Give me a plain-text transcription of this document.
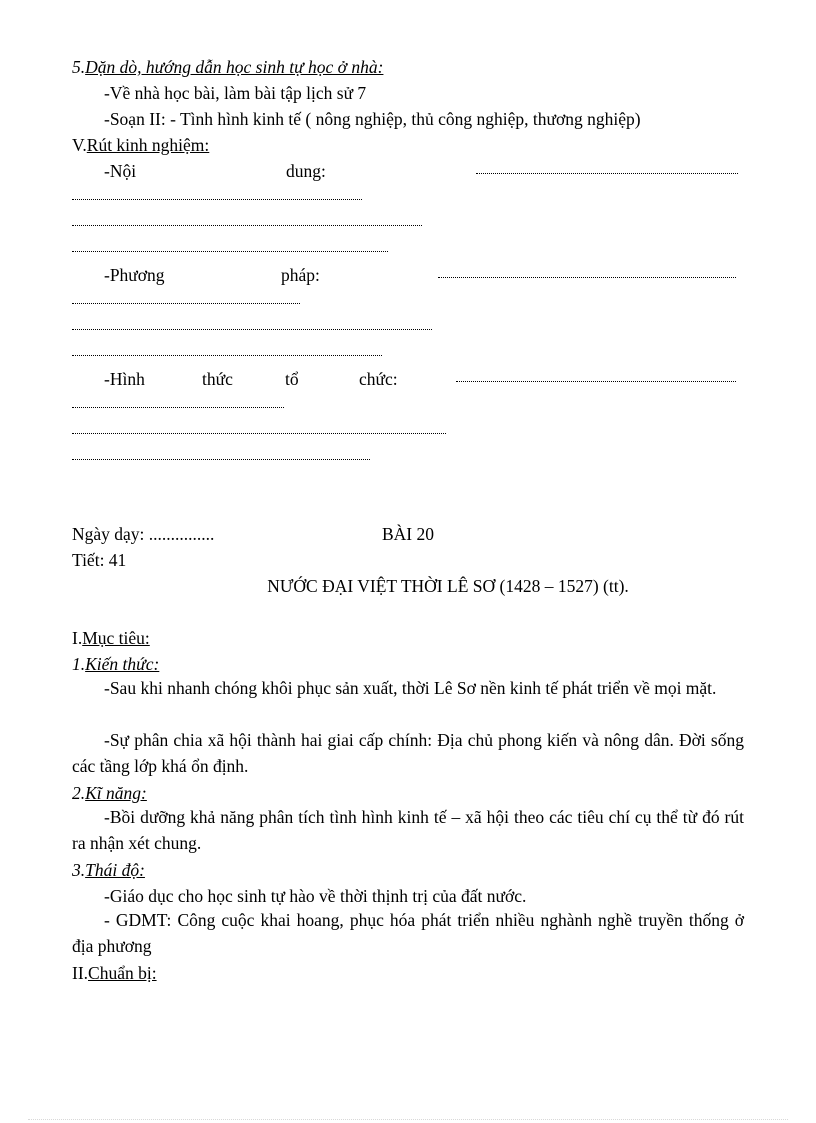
5.Dặn dò, hướng dẫn học sinh tự học ở nhà:
-Về nhà học bài, làm bài tập lịch sử 7
-Soạn II: - Tình hình kinh tế ( nông nghiệp, thủ công nghiệp, thương nghiệp)
V.Rút kinh nghiệm:
-Nội	dung:
-Phương	pháp:
-Hình	thức	tổ	chức:
Ngày dạy: ...............	BÀI 20
Tiết: 41
NƯỚC ĐẠI VIỆT THỜI LÊ SƠ (1428 – 1527) (tt).
I.Mục tiêu:
1.Kiến thức:
-Sau khi nhanh chóng khôi phục sản xuất, thời Lê Sơ nền kinh tế phát triển về mọi mặt.
-Sự phân chia xã hội thành hai giai cấp chính: Địa chủ phong kiến và nông dân. Đời sống các tầng lớp khá ổn định.
2.Kĩ năng:
-Bồi dưỡng khả năng phân tích tình hình kinh tế – xã hội theo các tiêu chí cụ thể từ đó rút ra nhận xét chung.
3.Thái độ:
-Giáo dục cho học sinh tự hào về thời thịnh trị của đất nước.
- GDMT: Công cuộc khai hoang, phục hóa phát triển nhiều nghành nghề truyền thống ở địa phương
II.Chuẩn bị:
